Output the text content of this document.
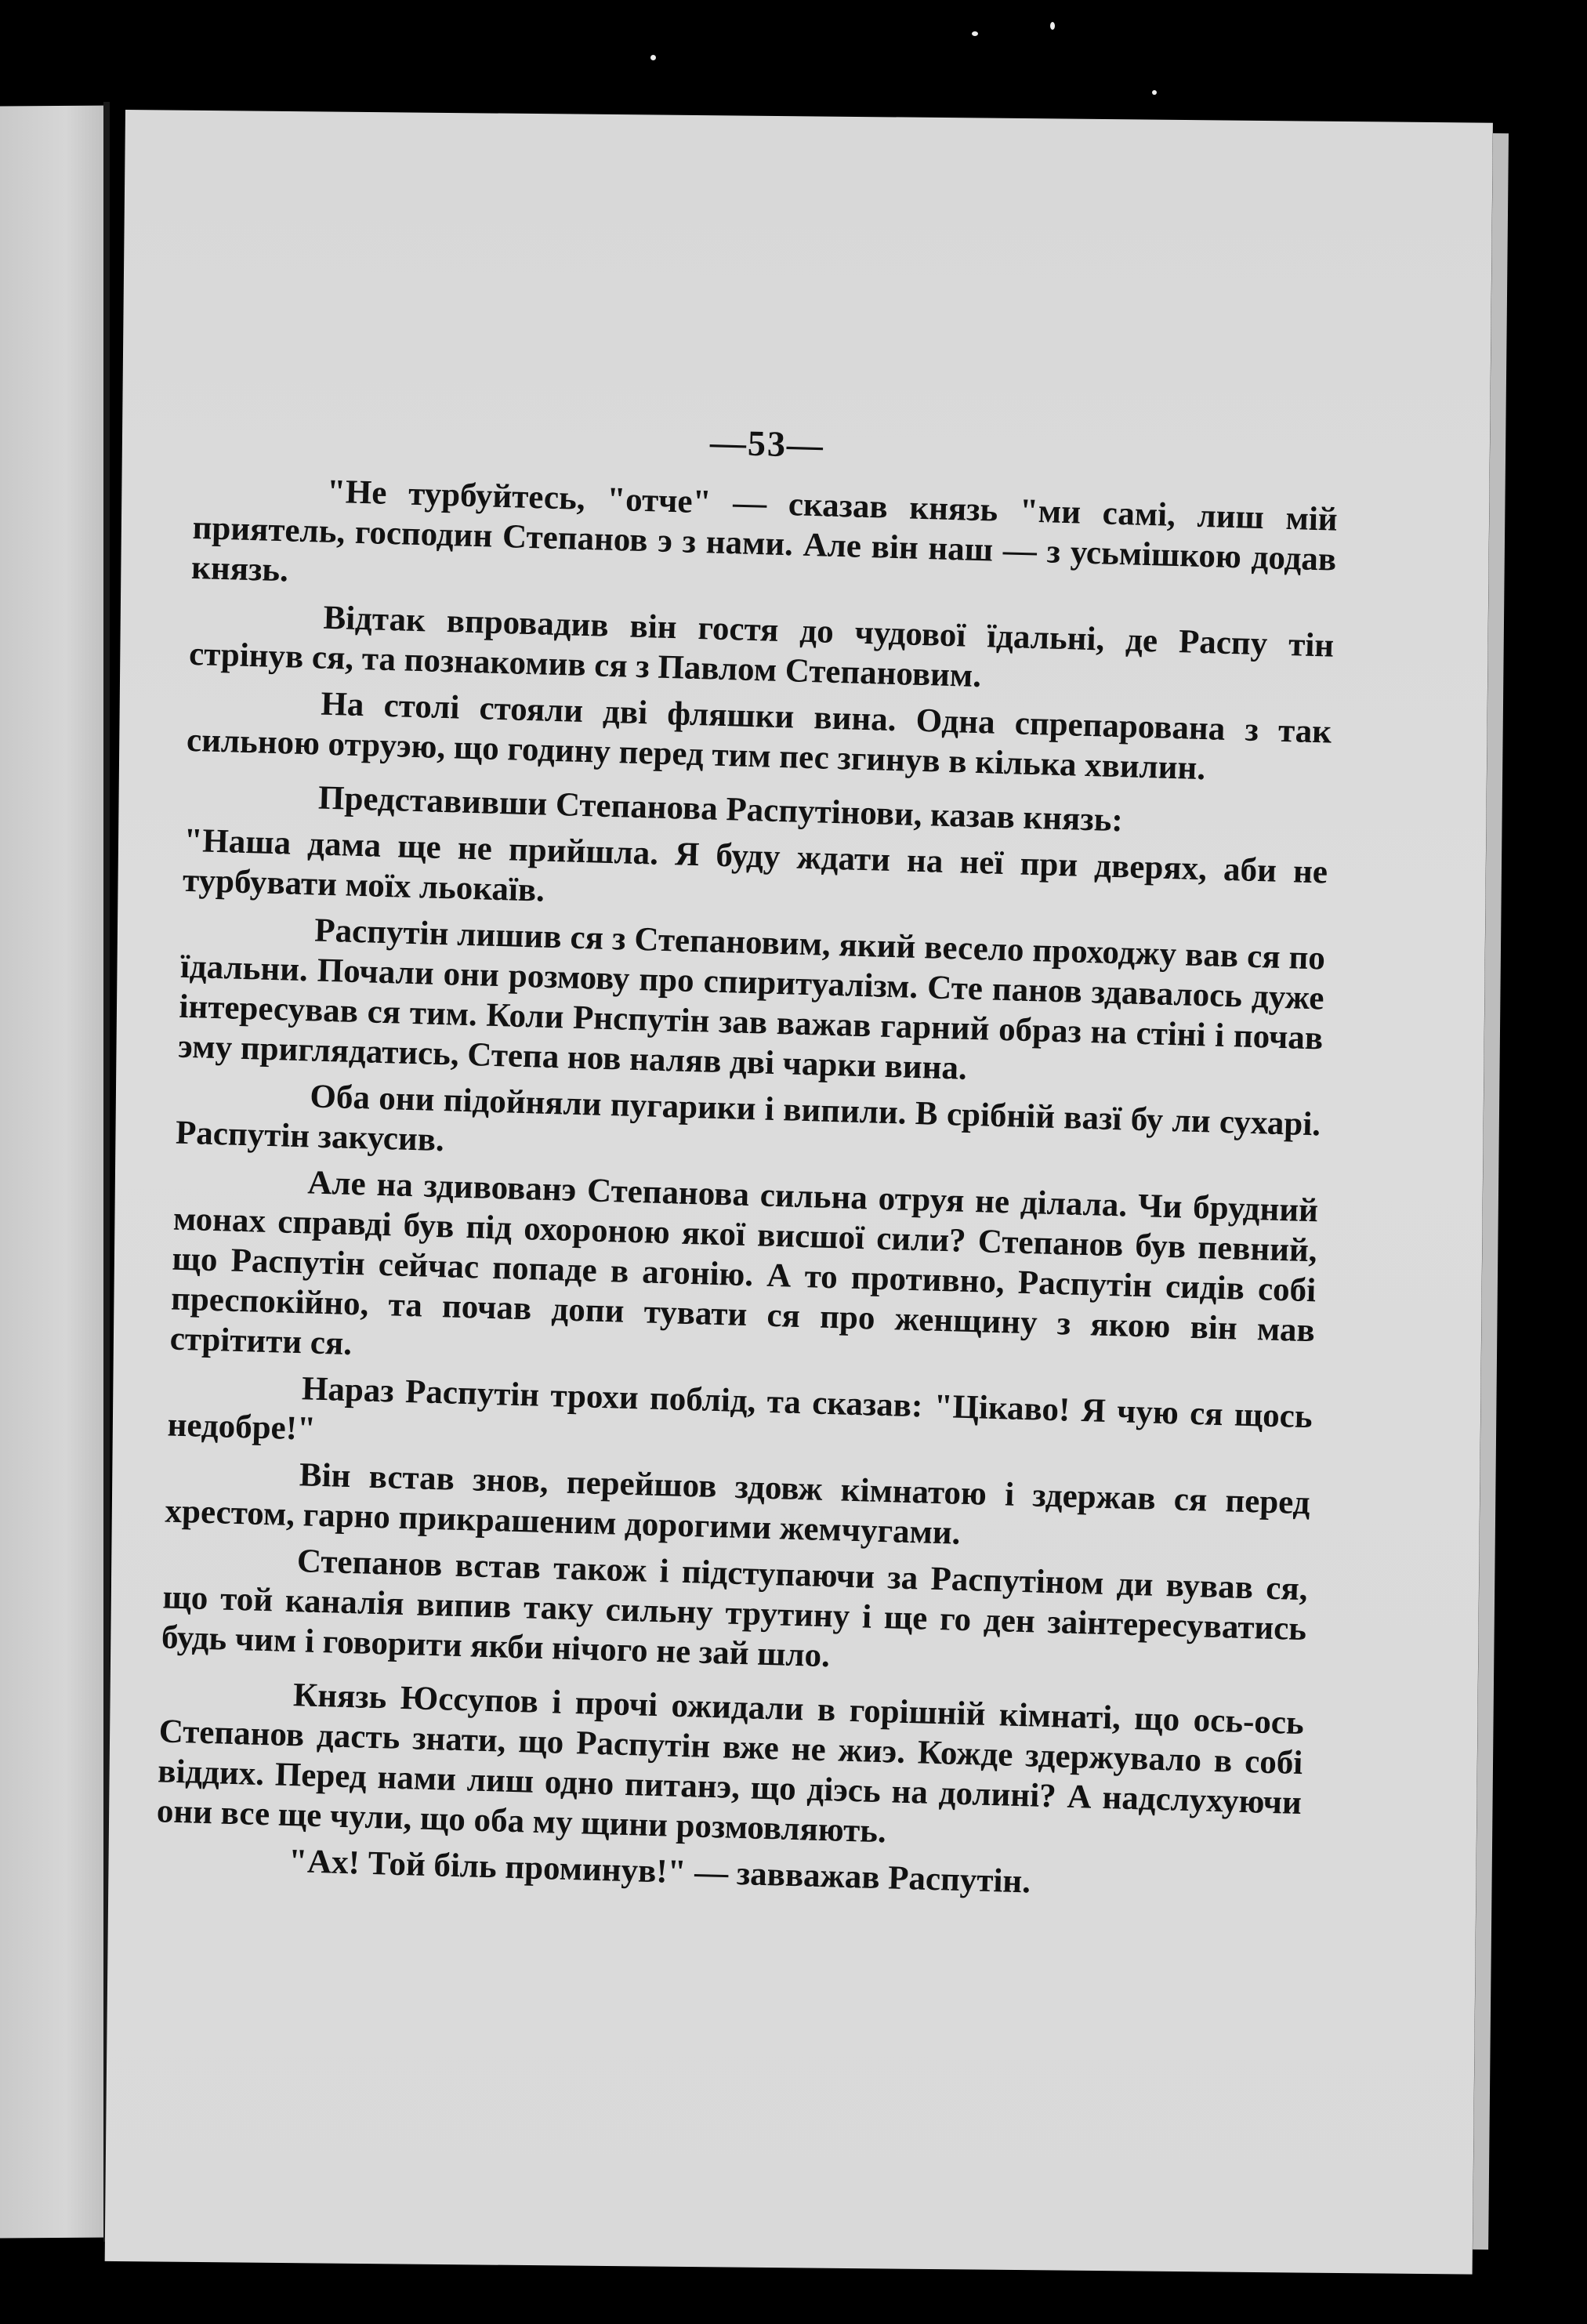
—53—

"Не турбуйтесь, "отче" — сказав князь "ми самі, лиш мій приятель, господин Степанов э з нами. Але він наш — з усьмішкою додав князь.

Відтак впровадив він гостя до чудової їдальні, де Распу тін стрінув ся, та познакомив ся з Павлом Степановим.

На столі стояли дві фляшки вина. Одна спрепарована з так сильною отруэю, що годину перед тим пес згинув в кілька хвилин.

Представивши Степанова Распутінови, казав князь:

"Наша дама ще не прийшла. Я буду ждати на неї при дверях, аби не турбувати моїх льокаїв.

Распутін лишив ся з Степановим, який весело проходжу вав ся по їдальни. Почали они розмову про спиритуалізм. Сте панов здавалось дуже інтересував ся тим. Коли Рнспутін зав важав гарний образ на стіні і почав эму приглядатись, Степа нов наляв дві чарки вина.

Оба они підойняли пугарики і випили. В срібній вазї бу ли сухарі. Распутін закусив.

Але на здивованэ Степанова сильна отруя не ділала. Чи брудний монах справді був під охороною якої висшої сили? Степанов був певний, що Распутін сейчас попаде в агонію. А то противно, Распутін сидів собі преспокійно, та почав допи тувати ся про женщину з якою він мав стрітити ся.

Нараз Распутін трохи поблід, та сказав: "Цікаво! Я чую ся щось недобре!"

Він встав знов, перейшов здовж кімнатою і здержав ся перед хрестом, гарно прикрашеним дорогими жемчугами.

Степанов встав також і підступаючи за Распутіном ди вував ся, що той каналія випив таку сильну трутину і ще го ден заінтересуватись будь чим і говорити якби нічого не зай шло.

Князь Юссупов і прочі ожидали в горішній кімнаті, що ось-ось Степанов дасть знати, що Распутін вже не жиэ. Кожде здержувало в собі віддих. Перед нами лиш одно питанэ, що діэсь на долині? А надслухуючи они все ще чули, що оба му щини розмовляють.

"Ах! Той біль проминув!" — завважав Распутін.
